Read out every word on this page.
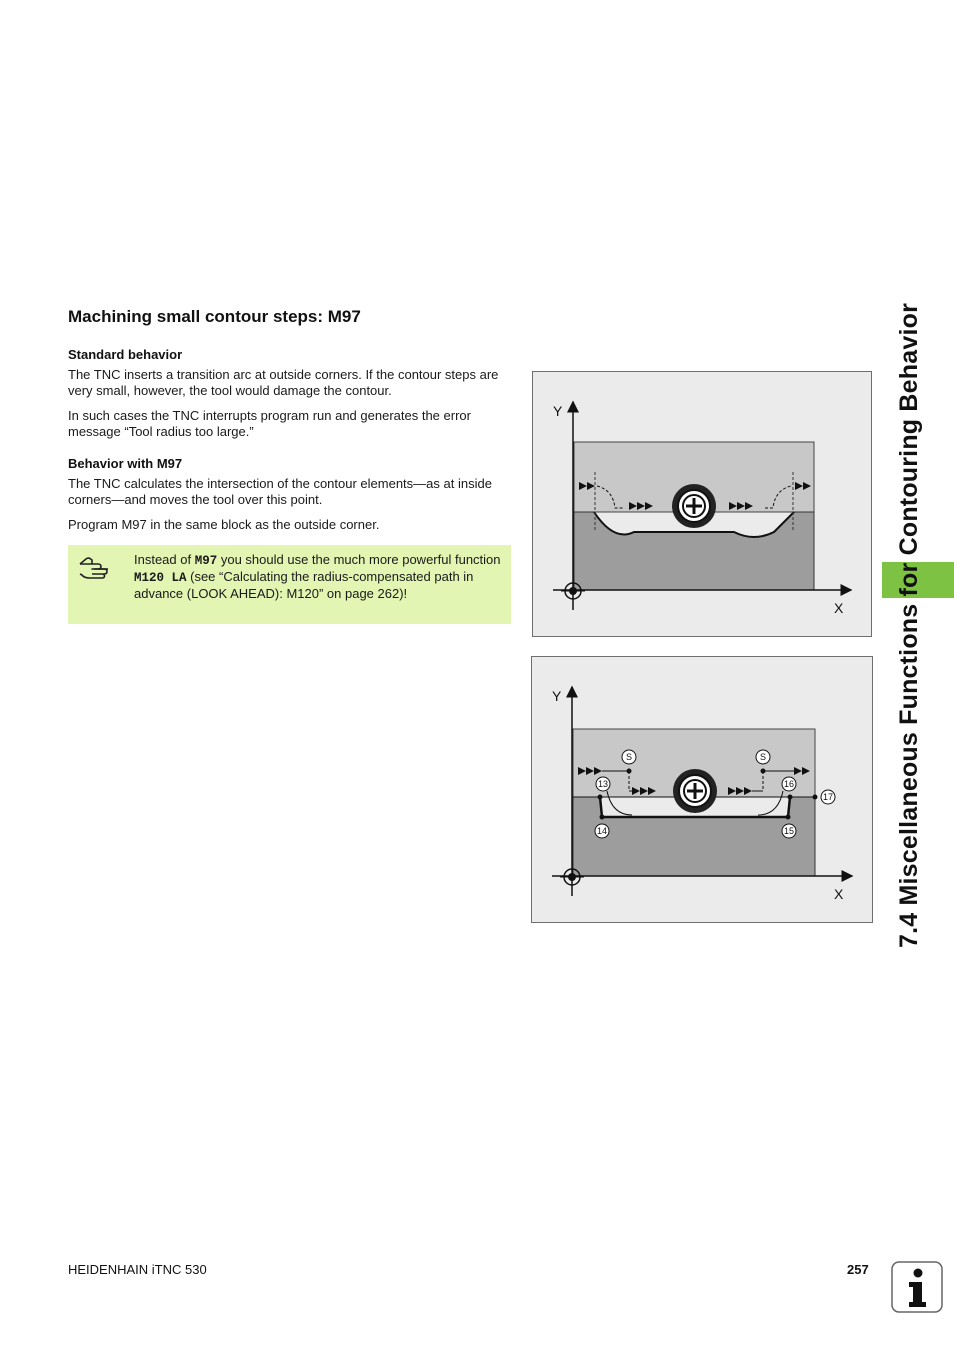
Machining small contour steps: M97
Standard behavior

The TNC inserts a transition arc at outside corners. If the contour steps are very small, however, the tool would damage the contour.

In such cases the TNC interrupts program run and generates the error message “Tool radius too large.”

Behavior with M97

The TNC calculates the intersection of the contour elements—as at inside corners—and moves the tool over this point.

Program M97 in the same block as the outside corner.

Instead of M97 you should use the much more powerful function M120 LA (see “Calculating the radius-compensated path in advance (LOOK AHEAD): M120” on page 262)!
Y
X
S	S
13
14	15
16
17
Y
X 7.4 Miscellaneous Functions for Contouring Behavior
HEIDENHAIN iTNC 530	257
